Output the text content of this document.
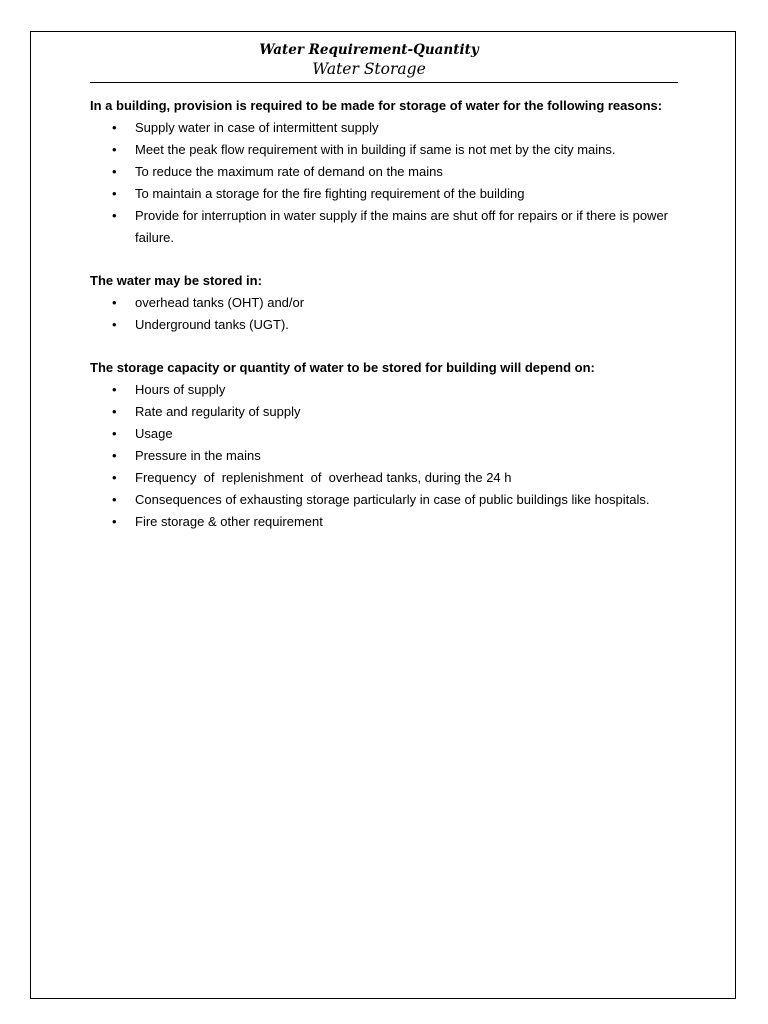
Water Requirement-Quantity
Water Storage

In a building, provision is required to be made for storage of water for the following reasons:

• Supply water in case of intermittent supply
• Meet the peak flow requirement with in building if same is not met by the city mains.
• To reduce the maximum rate of demand on the mains
• To maintain a storage for the fire fighting requirement of the building
• Provide for interruption in water supply if the mains are shut off for repairs or if there is power failure.

The water may be stored in:

• overhead tanks (OHT) and/or
• Underground tanks (UGT).

The storage capacity or quantity of water to be stored for building will depend on:

• Hours of supply
• Rate and regularity of supply
• Usage
• Pressure in the mains
• Frequency  of  replenishment  of  overhead tanks, during the 24 h
• Consequences of exhausting storage particularly in case of public buildings like hospitals.
• Fire storage & other requirement
